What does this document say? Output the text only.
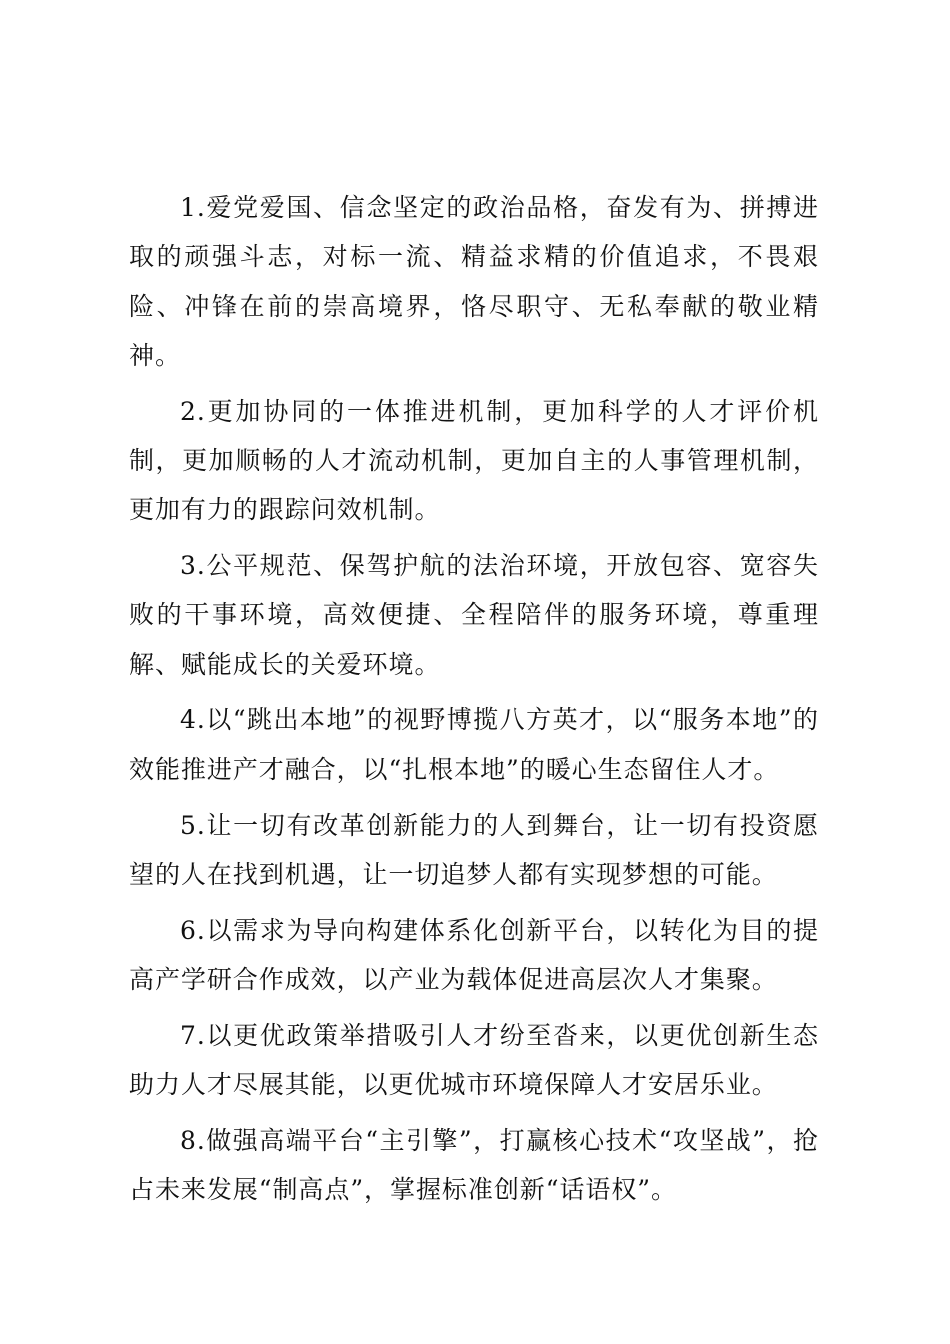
1.爱党爱国、信念坚定的政治品格，奋发有为、拼搏进取的顽强斗志，对标一流、精益求精的价值追求，不畏艰险、冲锋在前的崇高境界，恪尽职守、无私奉献的敬业精神。

2.更加协同的一体推进机制，更加科学的人才评价机制，更加顺畅的人才流动机制，更加自主的人事管理机制，更加有力的跟踪问效机制。

3.公平规范、保驾护航的法治环境，开放包容、宽容失败的干事环境，高效便捷、全程陪伴的服务环境，尊重理解、赋能成长的关爱环境。

4.以“跳出本地”的视野博揽八方英才，以“服务本地”的效能推进产才融合，以“扎根本地”的暖心生态留住人才。

5.让一切有改革创新能力的人到舞台，让一切有投资愿望的人在找到机遇，让一切追梦人都有实现梦想的可能。

6.以需求为导向构建体系化创新平台，以转化为目的提高产学研合作成效，以产业为载体促进高层次人才集聚。

7.以更优政策举措吸引人才纷至沓来，以更优创新生态助力人才尽展其能，以更优城市环境保障人才安居乐业。

8.做强高端平台“主引擎”，打赢核心技术“攻坚战”，抢占未来发展“制高点”，掌握标准创新“话语权”。
